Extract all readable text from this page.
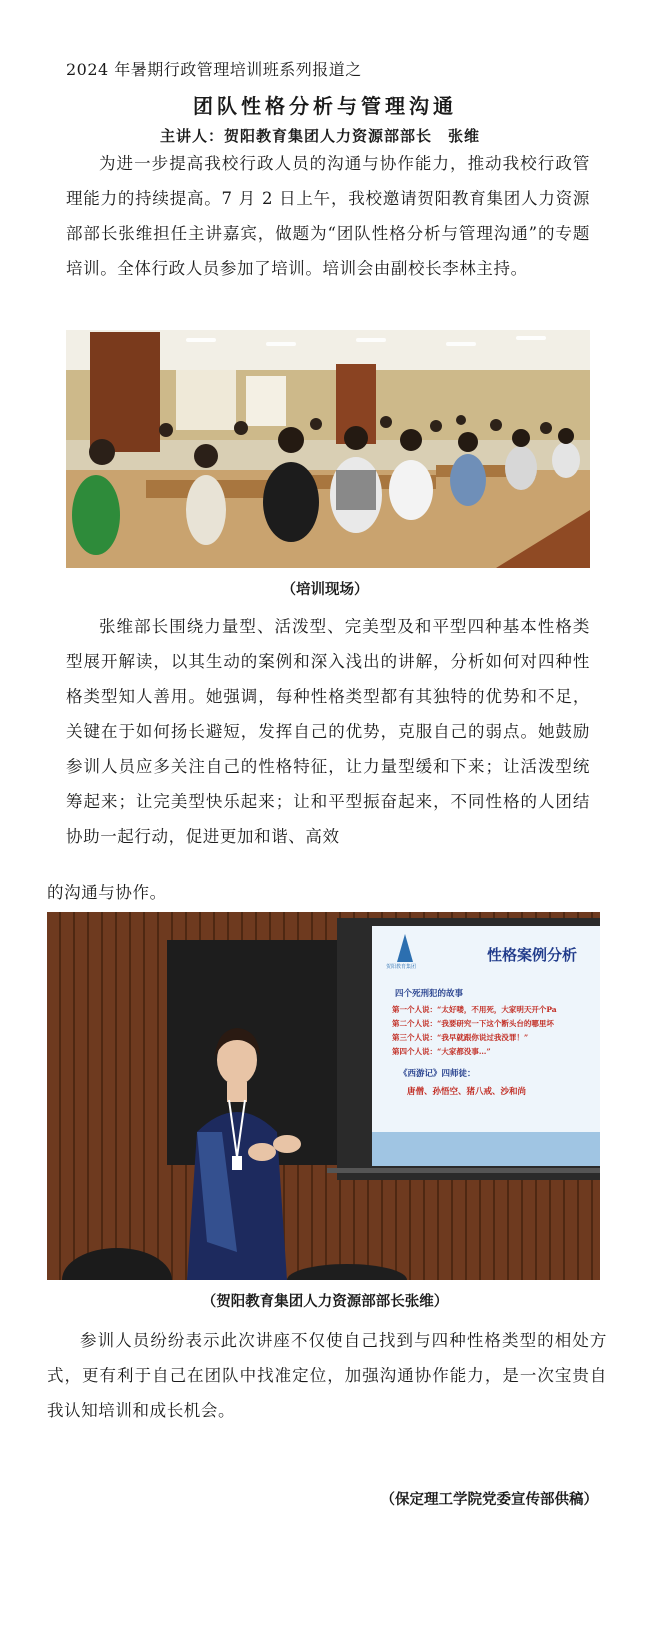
2024 年暑期行政管理培训班系列报道之
团队性格分析与管理沟通
主讲人：贺阳教育集团人力资源部部长　张维

为进一步提高我校行政人员的沟通与协作能力，推动我校行政管理能力的持续提高。7 月 2 日上午，我校邀请贺阳教育集团人力资源部部长张维担任主讲嘉宾，做题为“团队性格分析与管理沟通”的专题培训。全体行政人员参加了培训。培训会由副校长李林主持。

（培训现场）

张维部长围绕力量型、活泼型、完美型及和平型四种基本性格类型展开解读，以其生动的案例和深入浅出的讲解，分析如何对四种性格类型知人善用。她强调，每种性格类型都有其独特的优势和不足，关键在于如何扬长避短，发挥自己的优势，克服自己的弱点。她鼓励参训人员应多关注自己的性格特征，让力量型缓和下来；让活泼型统筹起来；让完美型快乐起来；让和平型振奋起来，不同性格的人团结协助一起行动，促进更加和谐、高效

的沟通与协作。

贺阳教育集团
性格案例分析
四个死刑犯的故事
第一个人说：“太好喽，不用死，大家明天开个Pa
第二个人说：“我要研究一下这个断头台的哪里坏
第三个人说：“我早就跟你说过我没罪！”
第四个人说：“大家都没事…”
《西游记》四师徒：
唐僧、孙悟空、猪八戒、沙和尚
（贺阳教育集团人力资源部部长张维）

参训人员纷纷表示此次讲座不仅使自己找到与四种性格类型的相处方式，更有利于自己在团队中找准定位，加强沟通协作能力，是一次宝贵自我认知培训和成长机会。

（保定理工学院党委宣传部供稿）
